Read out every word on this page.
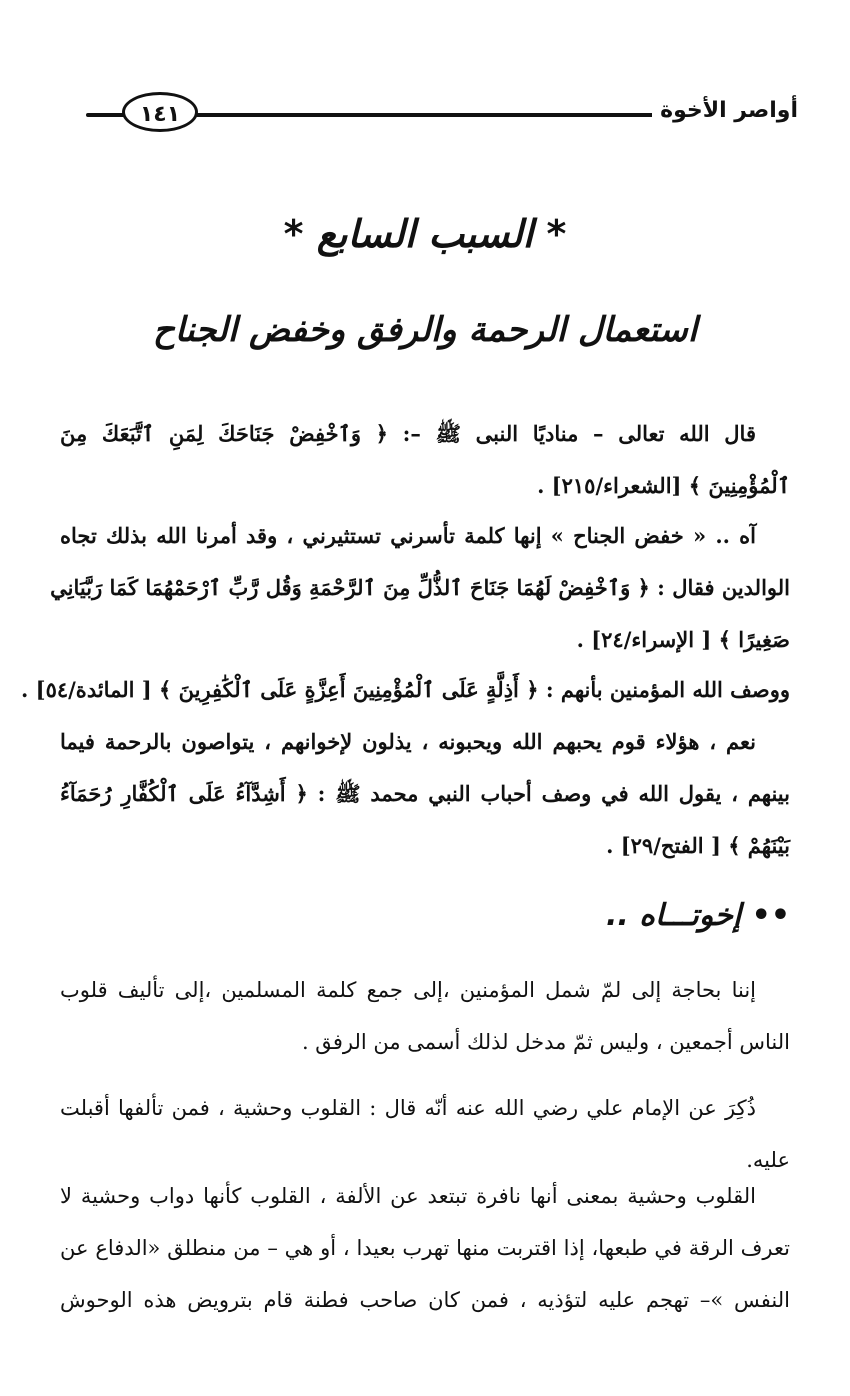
١٤١	أواصر الأخوة
* السبب السابع *
استعمال الرحمة والرفق وخفض الجناح
قال الله تعالى – مناديًا النبى ﷺ –: ﴿ وَٱخْفِضْ جَنَاحَكَ لِمَنِ ٱتَّبَعَكَ مِنَ
ٱلْمُؤْمِنِينَ ﴾ [الشعراء/٢١٥] .
آه .. « خفض الجناح » إنها كلمة تأسرني تستثيرني ، وقد أمرنا الله بذلك تجاه
الوالدين فقال : ﴿ وَٱخْفِضْ لَهُمَا جَنَاحَ ٱلذُّلِّ مِنَ ٱلرَّحْمَةِ وَقُل رَّبِّ ٱرْحَمْهُمَا كَمَا رَبَّيَانِي
صَغِيرًا ﴾ [ الإسراء/٢٤] .
ووصف الله المؤمنين بأنهم : ﴿ أَذِلَّةٍ عَلَى ٱلْمُؤْمِنِينَ أَعِزَّةٍ عَلَى ٱلْكَٰفِرِينَ ﴾ [ المائدة/٥٤] .
نعم ، هؤلاء قوم يحبهم الله ويحبونه ، يذلون لإخوانهم ، يتواصون بالرحمة فيما
بينهم ، يقول الله في وصف أحباب النبي محمد ﷺ : ﴿ أَشِدَّآءُ عَلَى ٱلْكُفَّارِ رُحَمَآءُ
بَيْنَهُمْ ﴾ [ الفتح/٢٩] .
•• إخوتـــاه ..
إننا بحاجة إلى لمّ شمل المؤمنين ،إلى جمع كلمة المسلمين ،إلى تأليف قلوب
الناس أجمعين ، وليس ثمّ مدخل لذلك أسمى من الرفق .
ذُكِرَ عن الإمام علي رضي الله عنه أنّه قال : القلوب وحشية ، فمن تألفها أقبلت
عليه.
القلوب وحشية بمعنى أنها نافرة تبتعد عن الألفة ، القلوب كأنها دواب وحشية لا
تعرف الرقة في طبعها، إذا اقتربت منها تهرب بعيدا ، أو هي – من منطلق «الدفاع عن
النفس »– تهجم عليه لتؤذيه ، فمن كان صاحب فطنة قام بترويض هذه الوحوش
